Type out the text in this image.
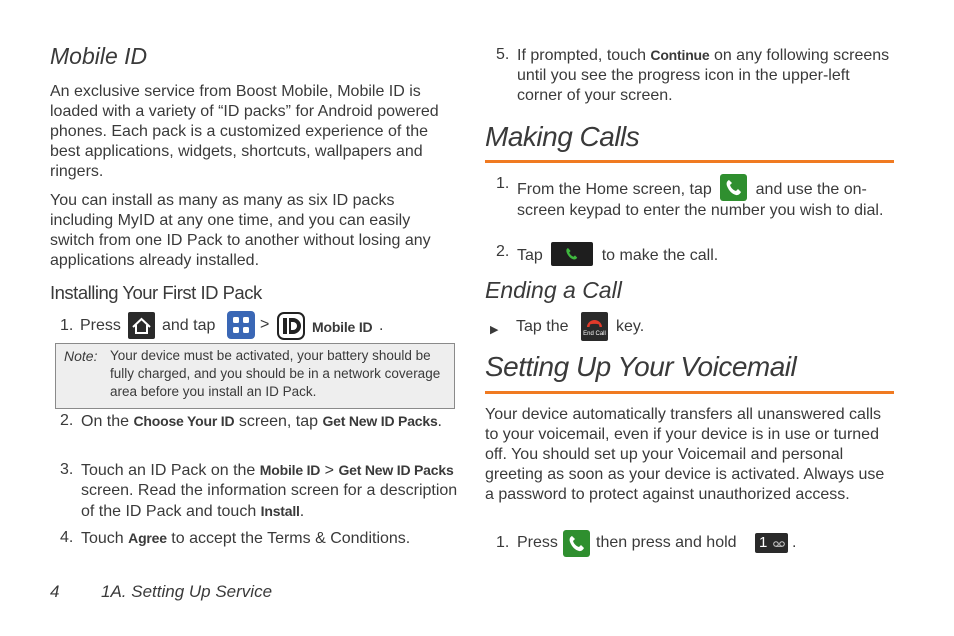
Mobile ID

An exclusive service from Boost Mobile, Mobile ID is loaded with a variety of “ID packs” for Android powered phones. Each pack is a customized experience of the best applications, widgets, shortcuts, wallpapers and ringers.

You can install as many as many as six ID packs including MyID at any one time, and you can easily switch from one ID Pack to another without losing any applications already installed.

Installing Your First ID Pack
1. Press	and tap	>	Mobile ID .
Note: Your device must be activated, your battery should be fully charged, and you should be in a network coverage area before you install an ID Pack.
2. On the Choose Your ID screen, tap Get New ID Packs.
3. Touch an ID Pack on the Mobile ID > Get New ID Packs screen. Read the information screen for a description of the ID Pack and touch Install.
4. Touch Agree to accept the Terms & Conditions.
5. If prompted, touch Continue on any following screens until you see the progress icon in the upper-left corner of your screen.
Making Calls
1. From the Home screen, tap	and use the on-screen keypad to enter the number you wish to dial.
2. Tap	to make the call.
Ending a Call
▶ Tap the	End Call key.
Setting Up Your Voicemail

Your device automatically transfers all unanswered calls to your voicemail, even if your device is in use or turned off. You should set up your Voicemail and personal greeting as soon as your device is activated. Always use a password to protect against unauthorized access.

1. Press then press and hold 1 .
4 1A. Setting Up Service
